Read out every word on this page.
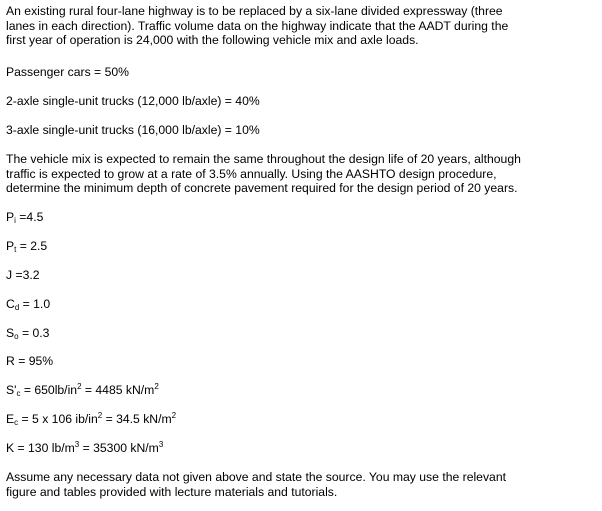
An existing rural four-lane highway is to be replaced by a six-lane divided expressway (three
lanes in each direction). Traffic volume data on the highway indicate that the AADT during the
first year of operation is 24,000 with the following vehicle mix and axle loads.

Passenger cars = 50%

2-axle single-unit trucks (12,000 lb/axle) = 40%

3-axle single-unit trucks (16,000 lb/axle) = 10%

The vehicle mix is expected to remain the same throughout the design life of 20 years, although
traffic is expected to grow at a rate of 3.5% annually. Using the AASHTO design procedure,
determine the minimum depth of concrete pavement required for the design period of 20 years.

$P_i =4.5$

$P_t = 2.5$

J =3.2

$C_d = 1.0$

$S_o = 0.3$

R = 95%

$S'_c = 650lb/in^2 = 4485$ $kN/m^2$

$E_c = 5$ x 106 $ib/in^2 = 34.5$ $kN/m^2$

K = 130 $lb/m^3 = 35300$ $kN/m^3$

Assume any necessary data not given above and state the source. You may use the relevant
figure and tables provided with lecture materials and tutorials.
